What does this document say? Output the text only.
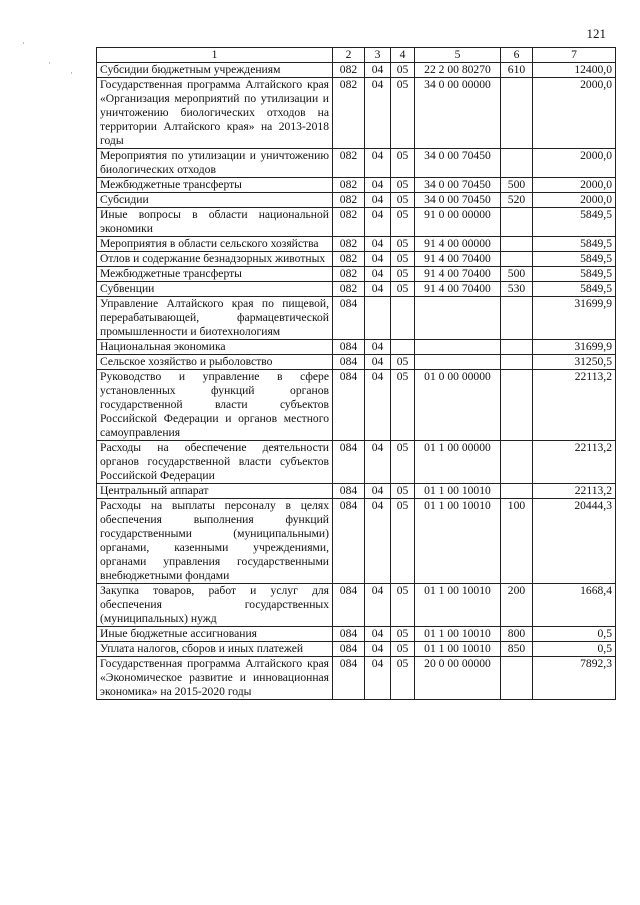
121
·
·
·
1	2	3	4	5	6	7
Субсидии бюджетным учреждениям	082	04	05	22 2 00 80270	610	12400,0
Государственная программа Алтайского края «Организация мероприятий по утилизации и уничтожению биологических отходов на территории Алтайского края» на 2013-2018 годы	082	04	05	34 0 00 00000		2000,0
Мероприятия по утилизации и уничтожению биологических отходов	082	04	05	34 0 00 70450		2000,0
Межбюджетные трансферты	082	04	05	34 0 00 70450	500	2000,0
Субсидии	082	04	05	34 0 00 70450	520	2000,0
Иные вопросы в области национальной экономики	082	04	05	91 0 00 00000		5849,5
Мероприятия в области сельского хозяйства	082	04	05	91 4 00 00000		5849,5
Отлов и содержание безнадзорных животных	082	04	05	91 4 00 70400		5849,5
Межбюджетные трансферты	082	04	05	91 4 00 70400	500	5849,5
Субвенции	082	04	05	91 4 00 70400	530	5849,5
Управление Алтайского края по пищевой, перерабатывающей, фармацевтической промышленности и биотехнологиям	084					31699,9
Национальная экономика	084	04				31699,9
Сельское хозяйство и рыболовство	084	04	05			31250,5
Руководство и управление в сфере установленных функций органов государственной власти субъектов Российской Федерации и органов местного самоуправления	084	04	05	01 0 00 00000		22113,2
Расходы на обеспечение деятельности органов государственной власти субъектов Российской Федерации	084	04	05	01 1 00 00000		22113,2
Центральный аппарат	084	04	05	01 1 00 10010		22113,2
Расходы на выплаты персоналу в целях обеспечения выполнения функций государственными (муниципальными) органами, казенными учреждениями, органами управления государственными внебюджетными фондами	084	04	05	01 1 00 10010	100	20444,3
Закупка товаров, работ и услуг для обеспечения государственных (муниципальных) нужд	084	04	05	01 1 00 10010	200	1668,4
Иные бюджетные ассигнования	084	04	05	01 1 00 10010	800	0,5
Уплата налогов, сборов и иных платежей	084	04	05	01 1 00 10010	850	0,5
Государственная программа Алтайского края «Экономическое развитие и инновационная экономика» на 2015-2020 годы	084	04	05	20 0 00 00000		7892,3
